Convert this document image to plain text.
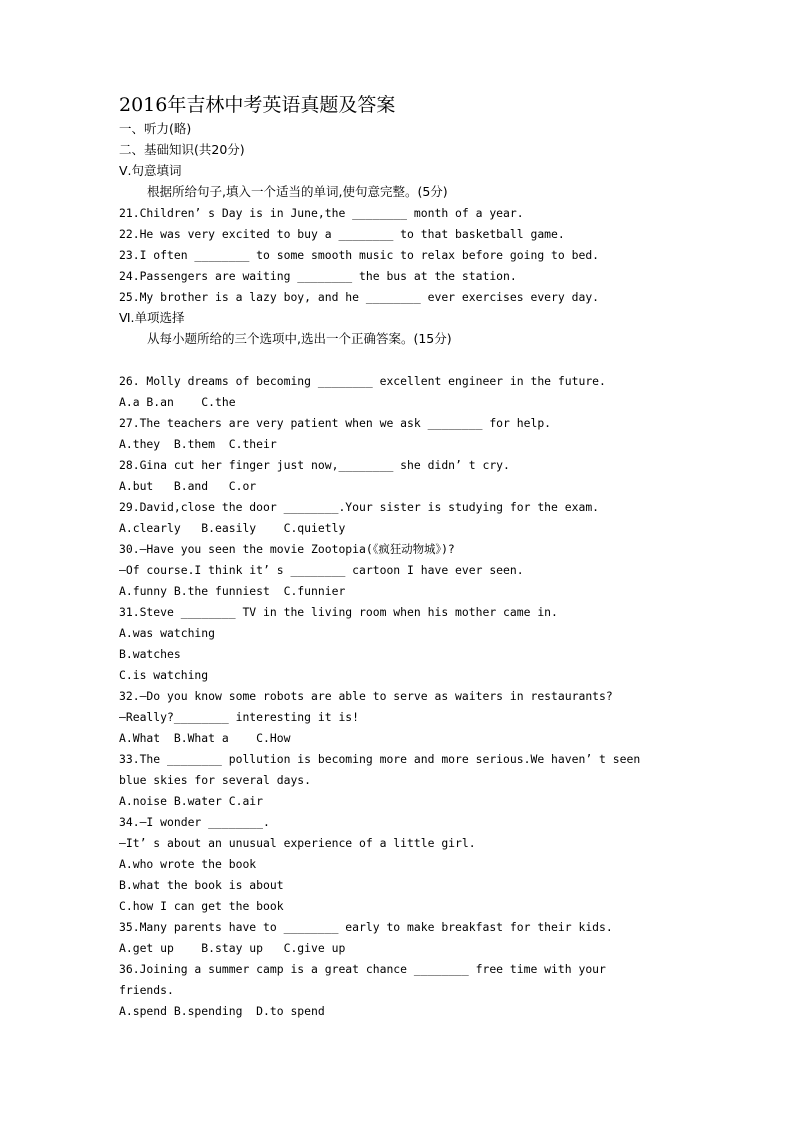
2016年吉林中考英语真题及答案
一、听力(略)
二、基础知识(共20分)
Ⅴ.句意填词
根据所给句子,填入一个适当的单词,使句意完整。(5分)
21.Children’ s Day is in June,the ________ month of a year.
22.He was very excited to buy a ________ to that basketball game.
23.I often ________ to some smooth music to relax before going to bed.
24.Passengers are waiting ________ the bus at the station.
25.My brother is a lazy boy, and he ________ ever exercises every day.
Ⅵ.单项选择
从每小题所给的三个选项中,选出一个正确答案。(15分)
26. Molly dreams of becoming ________ excellent engineer in the future.
A.a B.an    C.the
27.The teachers are very patient when we ask ________ for help.
A.they  B.them  C.their
28.Gina cut her finger just now,________ she didn’ t cry.
A.but   B.and   C.or
29.David,close the door ________.Your sister is studying for the exam.
A.clearly   B.easily    C.quietly
30.—Have you seen the movie Zootopia(《疯狂动物城》)?
—Of course.I think it’ s ________ cartoon I have ever seen.
A.funny B.the funniest  C.funnier
31.Steve ________ TV in the living room when his mother came in.
A.was watching
B.watches
C.is watching
32.—Do you know some robots are able to serve as waiters in restaurants?
—Really?________ interesting it is!
A.What  B.What a    C.How
33.The ________ pollution is becoming more and more serious.We haven’ t seen
blue skies for several days.
A.noise B.water C.air
34.—I wonder ________.
—It’ s about an unusual experience of a little girl.
A.who wrote the book
B.what the book is about
C.how I can get the book
35.Many parents have to ________ early to make breakfast for their kids.
A.get up    B.stay up   C.give up
36.Joining a summer camp is a great chance ________ free time with your
friends.
A.spend B.spending  D.to spend
